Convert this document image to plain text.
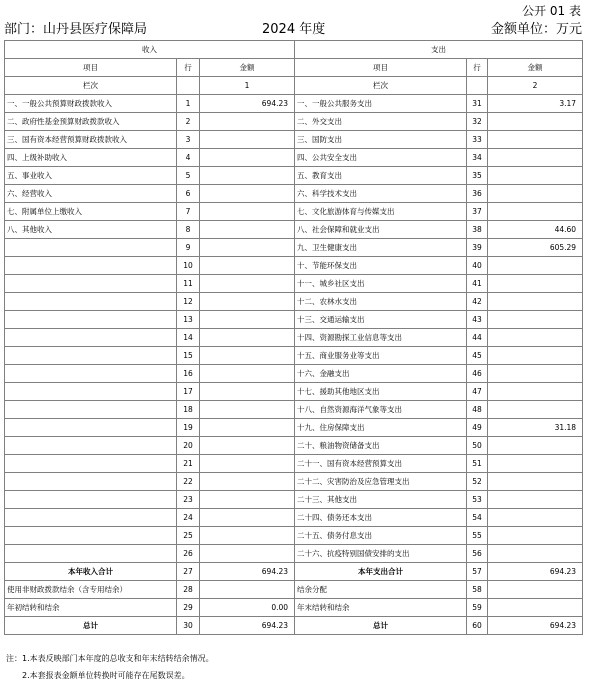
公开 01 表
部门：山丹县医疗保障局	2024 年度	金额单位：万元
收入			支出		
项目	行	金额	项目	行	金额
栏次		1	栏次		2
一、一般公共预算财政拨款收入	1	694.23	一、一般公共服务支出	31	3.17
二、政府性基金预算财政拨款收入	2		二、外交支出	32	
三、国有资本经营预算财政拨款收入	3		三、国防支出	33	
四、上级补助收入	4		四、公共安全支出	34	
五、事业收入	5		五、教育支出	35	
六、经营收入	6		六、科学技术支出	36	
七、附属单位上缴收入	7		七、文化旅游体育与传媒支出	37	
八、其他收入	8		八、社会保障和就业支出	38	44.60
	9		九、卫生健康支出	39	605.29
	10		十、节能环保支出	40	
	11		十一、城乡社区支出	41	
	12		十二、农林水支出	42	
	13		十三、交通运输支出	43	
	14		十四、资源勘探工业信息等支出	44	
	15		十五、商业服务业等支出	45	
	16		十六、金融支出	46	
	17		十七、援助其他地区支出	47	
	18		十八、自然资源海洋气象等支出	48	
	19		十九、住房保障支出	49	31.18
	20		二十、粮油物资储备支出	50	
	21		二十一、国有资本经营预算支出	51	
	22		二十二、灾害防治及应急管理支出	52	
	23		二十三、其他支出	53	
	24		二十四、债务还本支出	54	
	25		二十五、债务付息支出	55	
	26		二十六、抗疫特别国债安排的支出	56	
本年收入合计	27	694.23	本年支出合计	57	694.23
使用非财政拨款结余（含专用结余）	28		结余分配	58	
年初结转和结余	29	0.00	年末结转和结余	59	
总计	30	694.23	总计	60	694.23
注：1.本表反映部门本年度的总收支和年末结转结余情况。
2.本套报表金额单位转换时可能存在尾数误差。
